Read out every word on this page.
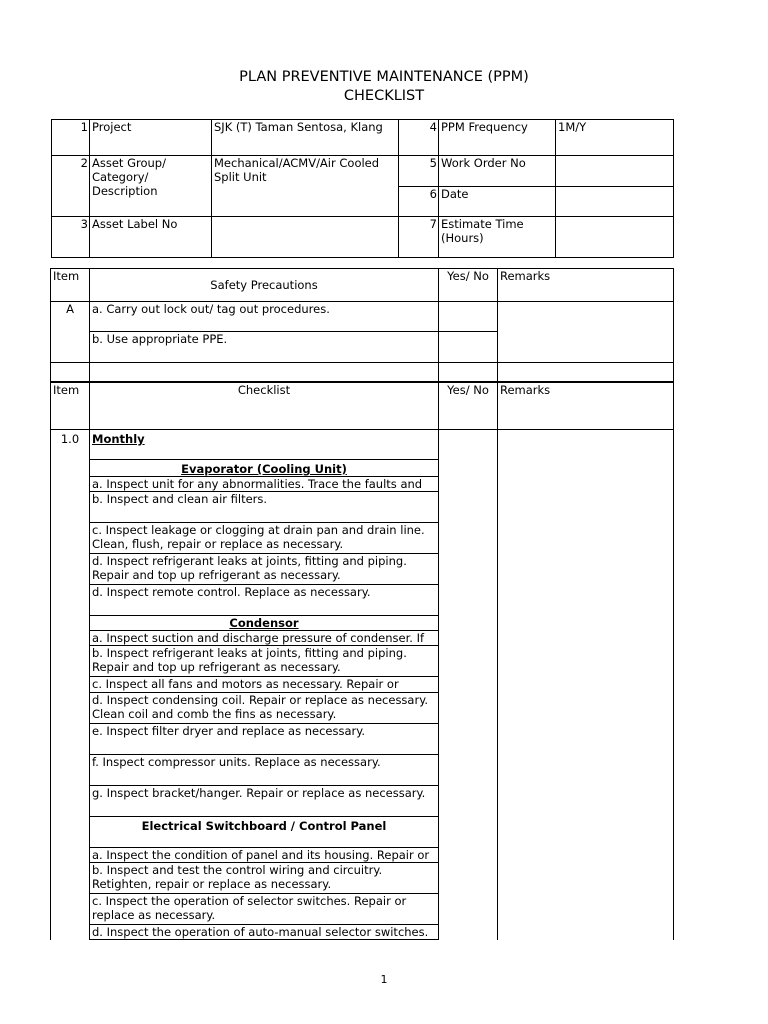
PLAN PREVENTIVE MAINTENANCE (PPM)
CHECKLIST
1	Project	SJK (T) Taman Sentosa, Klang	4	PPM Frequency	1M/Y
2	Asset Group/ Category/ Description	Mechanical/ACMV/Air Cooled Split Unit	5	Work Order No	
			6	Date	
3	Asset Label No		7	Estimate Time (Hours)	
Item	Safety Precautions	Yes/ No	Remarks
A	a. Carry out lock out/ tag out procedures.		
	b. Use appropriate PPE.		

Item	Checklist	Yes/ No	Remarks
1.0	Monthly		
	Evaporator (Cooling Unit)		
	a. Inspect unit for any abnormalities. Trace the faults and		
	b. Inspect and clean air filters.		
	c. Inspect leakage or clogging at drain pan and drain line. Clean, flush, repair or replace as necessary.		
	d. Inspect refrigerant leaks at joints, fitting and piping. Repair and top up refrigerant as necessary.		
	d. Inspect remote control. Replace as necessary.		
	Condensor		
	a. Inspect suction and discharge pressure of condenser. If		
	b. Inspect refrigerant leaks at joints, fitting and piping. Repair and top up refrigerant as necessary.		
	c. Inspect all fans and motors as necessary. Repair or		
	d. Inspect condensing coil. Repair or replace as necessary. Clean coil and comb the fins as necessary.		
	e. Inspect filter dryer and replace as necessary.		
	f. Inspect compressor units. Replace as necessary.		
	g. Inspect bracket/hanger. Repair or replace as necessary.		
	Electrical Switchboard / Control Panel		
	a. Inspect the condition of panel and its housing. Repair or		
	b. Inspect and test the control wiring and circuitry. Retighten, repair or replace as necessary.		
	c. Inspect the operation of selector switches. Repair or replace as necessary.		
	d. Inspect the operation of auto-manual selector switches.		
1
